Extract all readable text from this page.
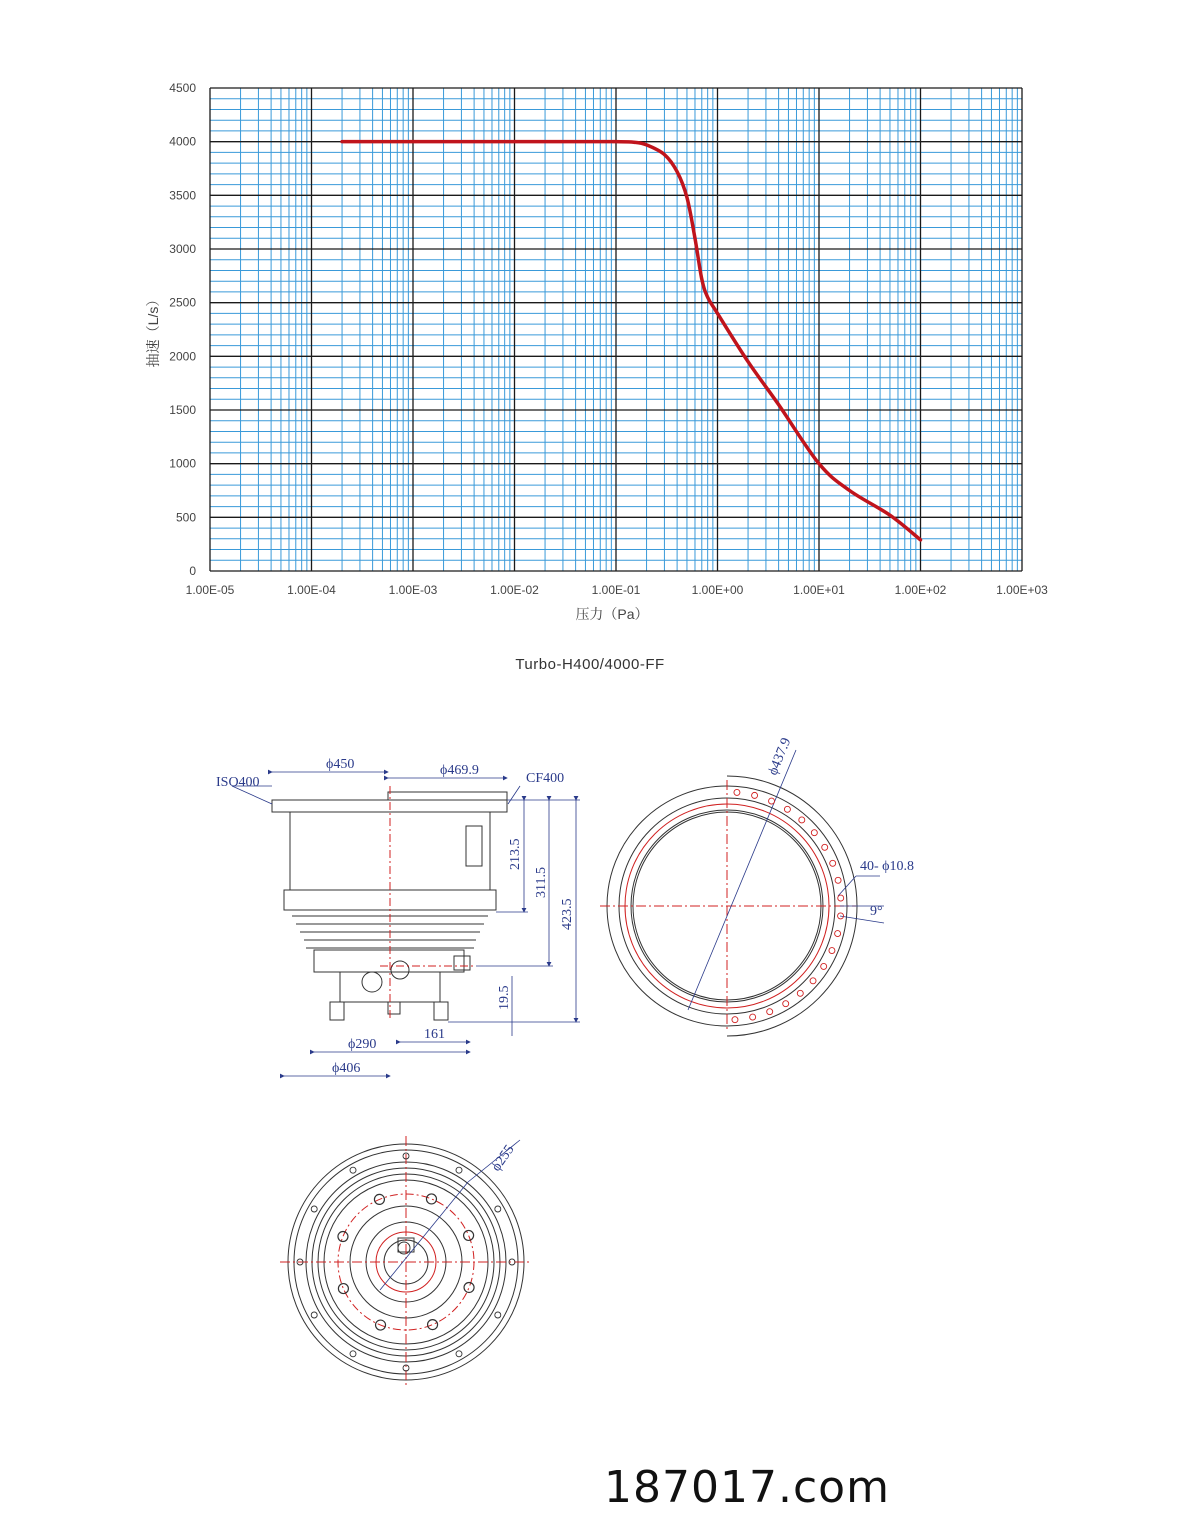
1.00E-05	1.00E-04	1.00E-03	1.00E-02	1.00E-01	1.00E+00	1.00E+01	1.00E+02	1.00E+03
0
500
1000
1500
2000
2500
3000
3500
4000
4500
压力（Pa）
抽速（L/s）
Turbo-H400/4000-FF
ISO400	CF400
ϕ450	ϕ469.9
213.5
311.5
423.5
19.5
161
ϕ290
ϕ406
ϕ437.9
40- ϕ10.8
9°
ϕ255
187017.com
